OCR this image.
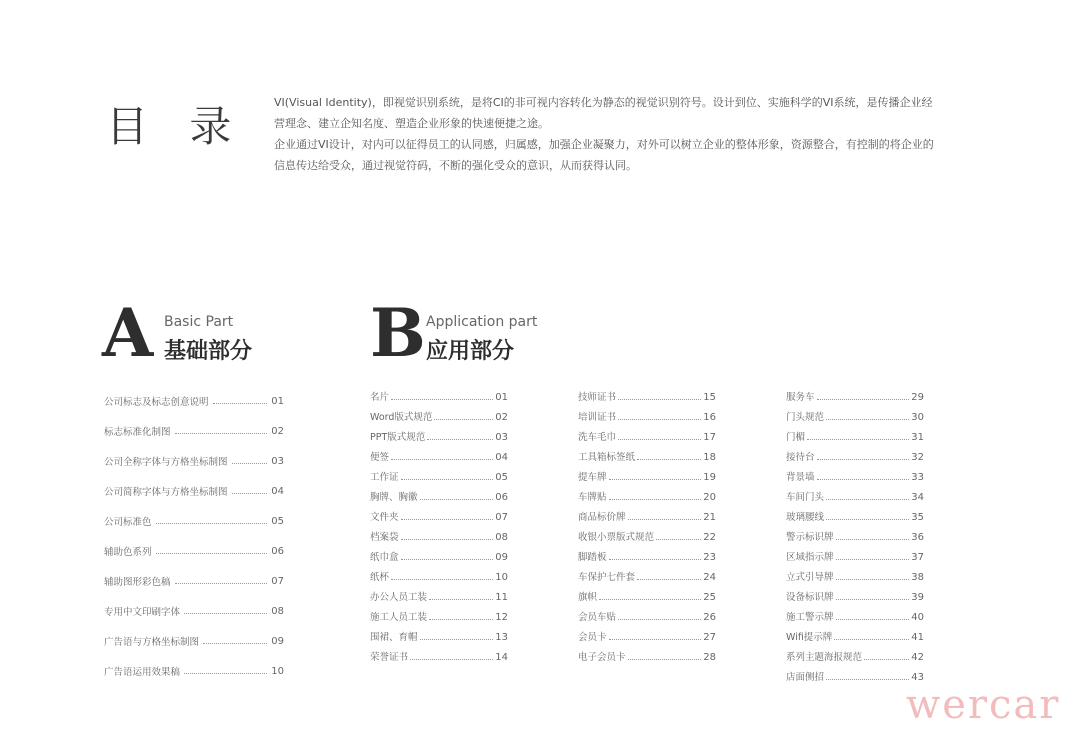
目 录	VI(Visual Identity)，即视觉识别系统，是将CI的非可视内容转化为静态的视觉识别符号。设计到位、实施科学的VI系统，是传播企业经营理念、建立企知名度、塑造企业形象的快速便捷之途。

企业通过VI设计，对内可以征得员工的认同感，归属感，加强企业凝聚力，对外可以树立企业的整体形象，资源整合，有控制的将企业的信息传达给受众，通过视觉符码，不断的强化受众的意识，从而获得认同。

A Basic Part
基础部分 B Application part
应用部分
公司标志及标志创意说明	01
标志标准化制图	02
公司全称字体与方格坐标制图	03
公司简称字体与方格坐标制图	04
公司标准色	05
辅助色系列	06
辅助图形彩色稿	07
专用中文印刷字体	08
广告语与方格坐标制图	09
广告语运用效果稿	10
名片	01
Word版式规范	02
PPT版式规范	03
便签	04
工作证	05
胸牌、胸徽	06
文件夹	07
档案袋	08
纸巾盒	09
纸杯	10
办公人员工装	11
施工人员工装	12
围裙、育帽	13
荣誉证书	14
技师证书	15
培训证书	16
洗车毛巾	17
工具箱标签纸	18
提车牌	19
车牌贴	20
商品标价牌	21
收银小票版式规范	22
脚踏板	23
车保护七件套	24
旗帜	25
会员车贴	26
会员卡	27
电子会员卡	28
服务车	29
门头规范	30
门楣	31
接待台	32
背景墙	33
车间门头	34
玻璃腰线	35
警示标识牌	36
区域指示牌	37
立式引导牌	38
设备标识牌	39
施工警示牌	40
Wifi提示牌	41
系列主题海报规范	42
店面侧招	43
wercar
